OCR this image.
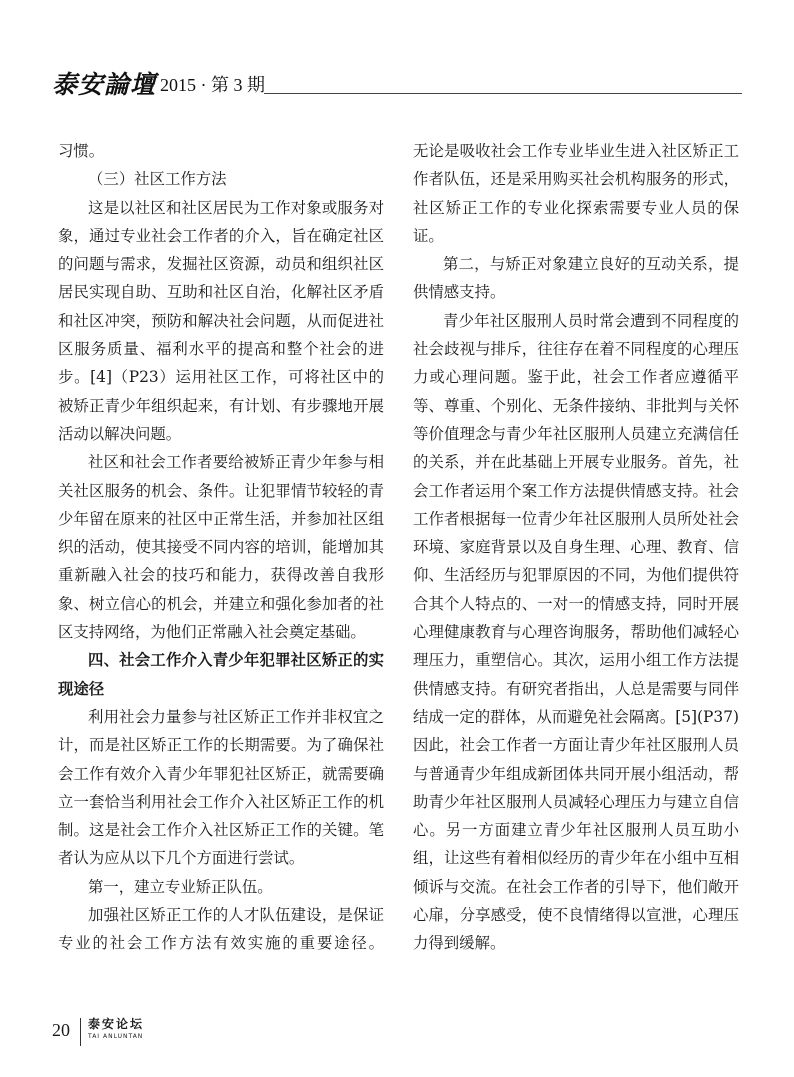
泰安論壇 2015 · 第 3 期

习惯。

（三）社区工作方法

这是以社区和社区居民为工作对象或服务对象，通过专业社会工作者的介入，旨在确定社区的问题与需求，发掘社区资源，动员和组织社区居民实现自助、互助和社区自治，化解社区矛盾和社区冲突，预防和解决社会问题，从而促进社区服务质量、福利水平的提高和整个社会的进步。[4]（P23）运用社区工作，可将社区中的被矫正青少年组织起来，有计划、有步骤地开展活动以解决问题。

社区和社会工作者要给被矫正青少年参与相关社区服务的机会、条件。让犯罪情节较轻的青少年留在原来的社区中正常生活，并参加社区组织的活动，使其接受不同内容的培训，能增加其重新融入社会的技巧和能力，获得改善自我形象、树立信心的机会，并建立和强化参加者的社区支持网络，为他们正常融入社会奠定基础。

四、社会工作介入青少年犯罪社区矫正的实现途径

利用社会力量参与社区矫正工作并非权宜之计，而是社区矫正工作的长期需要。为了确保社会工作有效介入青少年罪犯社区矫正，就需要确立一套恰当利用社会工作介入社区矫正工作的机制。这是社会工作介入社区矫正工作的关键。笔者认为应从以下几个方面进行尝试。

第一，建立专业矫正队伍。

加强社区矫正工作的人才队伍建设，是保证专业的社会工作方法有效实施的重要途径。

无论是吸收社会工作专业毕业生进入社区矫正工作者队伍，还是采用购买社会机构服务的形式，社区矫正工作的专业化探索需要专业人员的保证。

第二，与矫正对象建立良好的互动关系，提供情感支持。

青少年社区服刑人员时常会遭到不同程度的社会歧视与排斥，往往存在着不同程度的心理压力或心理问题。鉴于此，社会工作者应遵循平等、尊重、个别化、无条件接纳、非批判与关怀等价值理念与青少年社区服刑人员建立充满信任的关系，并在此基础上开展专业服务。首先，社会工作者运用个案工作方法提供情感支持。社会工作者根据每一位青少年社区服刑人员所处社会环境、家庭背景以及自身生理、心理、教育、信仰、生活经历与犯罪原因的不同，为他们提供符合其个人特点的、一对一的情感支持，同时开展心理健康教育与心理咨询服务，帮助他们减轻心理压力，重塑信心。其次，运用小组工作方法提供情感支持。有研究者指出，人总是需要与同伴结成一定的群体，从而避免社会隔离。[5](P37) 因此，社会工作者一方面让青少年社区服刑人员与普通青少年组成新团体共同开展小组活动，帮助青少年社区服刑人员减轻心理压力与建立自信心。另一方面建立青少年社区服刑人员互助小组，让这些有着相似经历的青少年在小组中互相倾诉与交流。在社会工作者的引导下，他们敞开心扉，分享感受，使不良情绪得以宣泄，心理压力得到缓解。

20 泰安论坛
TAI ANLUNTAN
